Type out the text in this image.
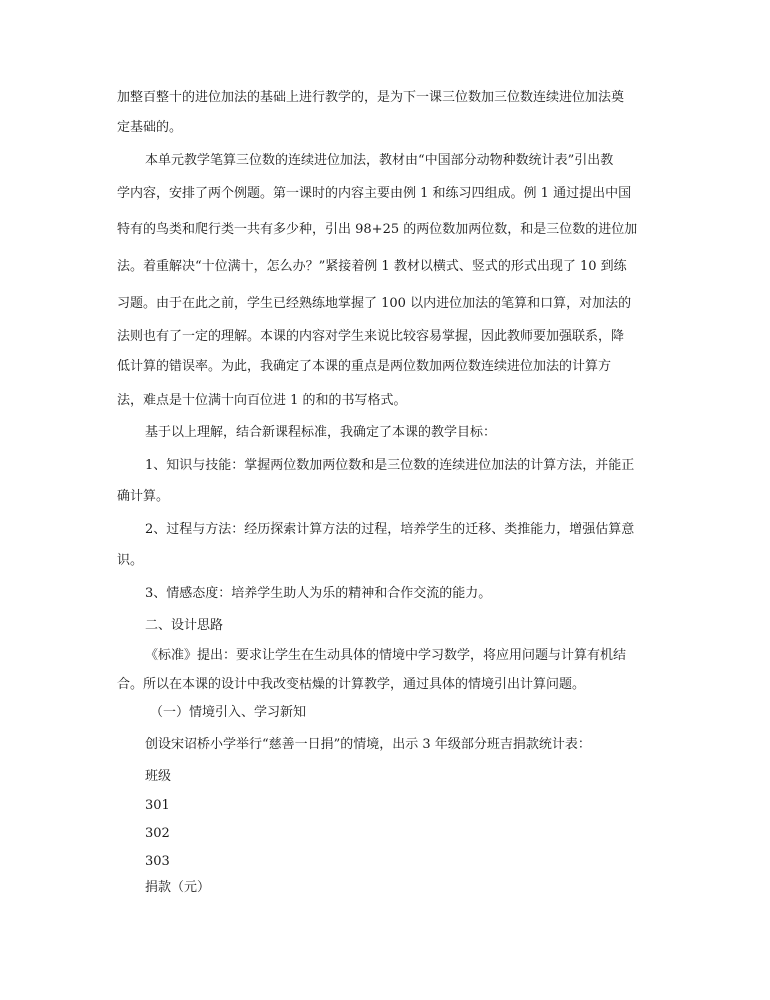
加整百整十的进位加法的基础上进行教学的，是为下一课三位数加三位数连续进位加法奠
定基础的。
本单元教学笔算三位数的连续进位加法，教材由“中国部分动物种数统计表”引出教
学内容，安排了两个例题。第一课时的内容主要由例 1 和练习四组成。例 1 通过提出中国
特有的鸟类和爬行类一共有多少种，引出 98+25 的两位数加两位数，和是三位数的进位加
法。着重解决“十位满十，怎么办？”紧接着例 1 教材以横式、竖式的形式出现了 10 到练
习题。由于在此之前，学生已经熟练地掌握了 100 以内进位加法的笔算和口算，对加法的
法则也有了一定的理解。本课的内容对学生来说比较容易掌握，因此教师要加强联系，降
低计算的错误率。为此，我确定了本课的重点是两位数加两位数连续进位加法的计算方
法，难点是十位满十向百位进 1 的和的书写格式。
基于以上理解，结合新课程标准，我确定了本课的教学目标：
1、知识与技能：掌握两位数加两位数和是三位数的连续进位加法的计算方法，并能正
确计算。
2、过程与方法：经历探索计算方法的过程，培养学生的迁移、类推能力，增强估算意
识。
3、情感态度：培养学生助人为乐的精神和合作交流的能力。
二、设计思路
《标准》提出：要求让学生在生动具体的情境中学习数学，将应用问题与计算有机结
合。所以在本课的设计中我改变枯燥的计算教学，通过具体的情境引出计算问题。
（一）情境引入、学习新知
创设宋诏桥小学举行“慈善一日捐”的情境，出示 3 年级部分班吉捐款统计表：
班级
301
302
303
捐款（元）
